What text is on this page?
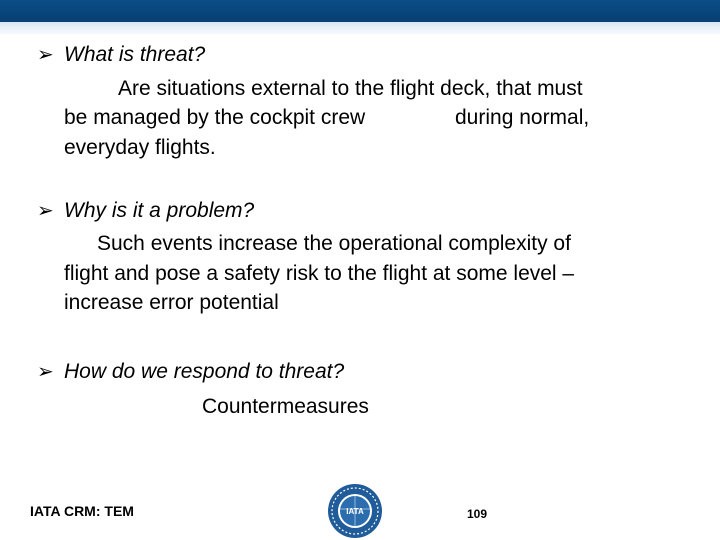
➢ What is threat?
Are situations external to the flight deck, that must
be managed by the cockpit crew	during normal,
everyday flights.
➢ Why is it a problem?
Such events increase the operational complexity of
flight and pose a safety risk to the flight at some level –
increase error potential
➢ How do we respond to threat?
Countermeasures
IATA CRM: TEM	IATA	109
